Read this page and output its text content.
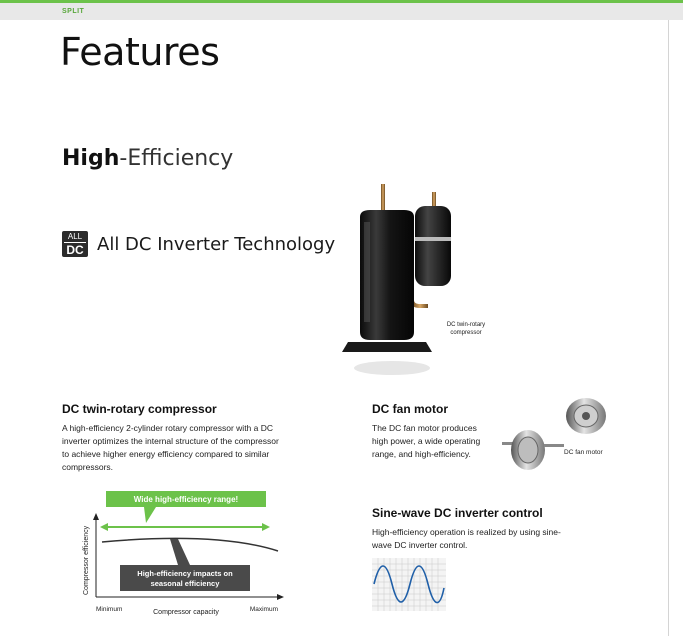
SPLIT
Features
High-Efficiency
ALL
DC All DC Inverter Technology
DC twin-rotary
compressor
DC twin-rotary compressor
A high-efficiency 2-cylinder rotary compressor with a DC
inverter optimizes the internal structure of the compressor
to achieve higher energy efficiency compared to similar
compressors.
Wide high-efficiency range!
High-efficiency impacts on
seasonal efficiency
Compressor efficiency
Minimum	Compressor capacity	Maximum
DC fan motor
The DC fan motor produces
high power, a wide operating
range, and high-efficiency.	DC fan motor
Sine-wave DC inverter control
High-efficiency operation is realized by using sine-
wave DC inverter control.
